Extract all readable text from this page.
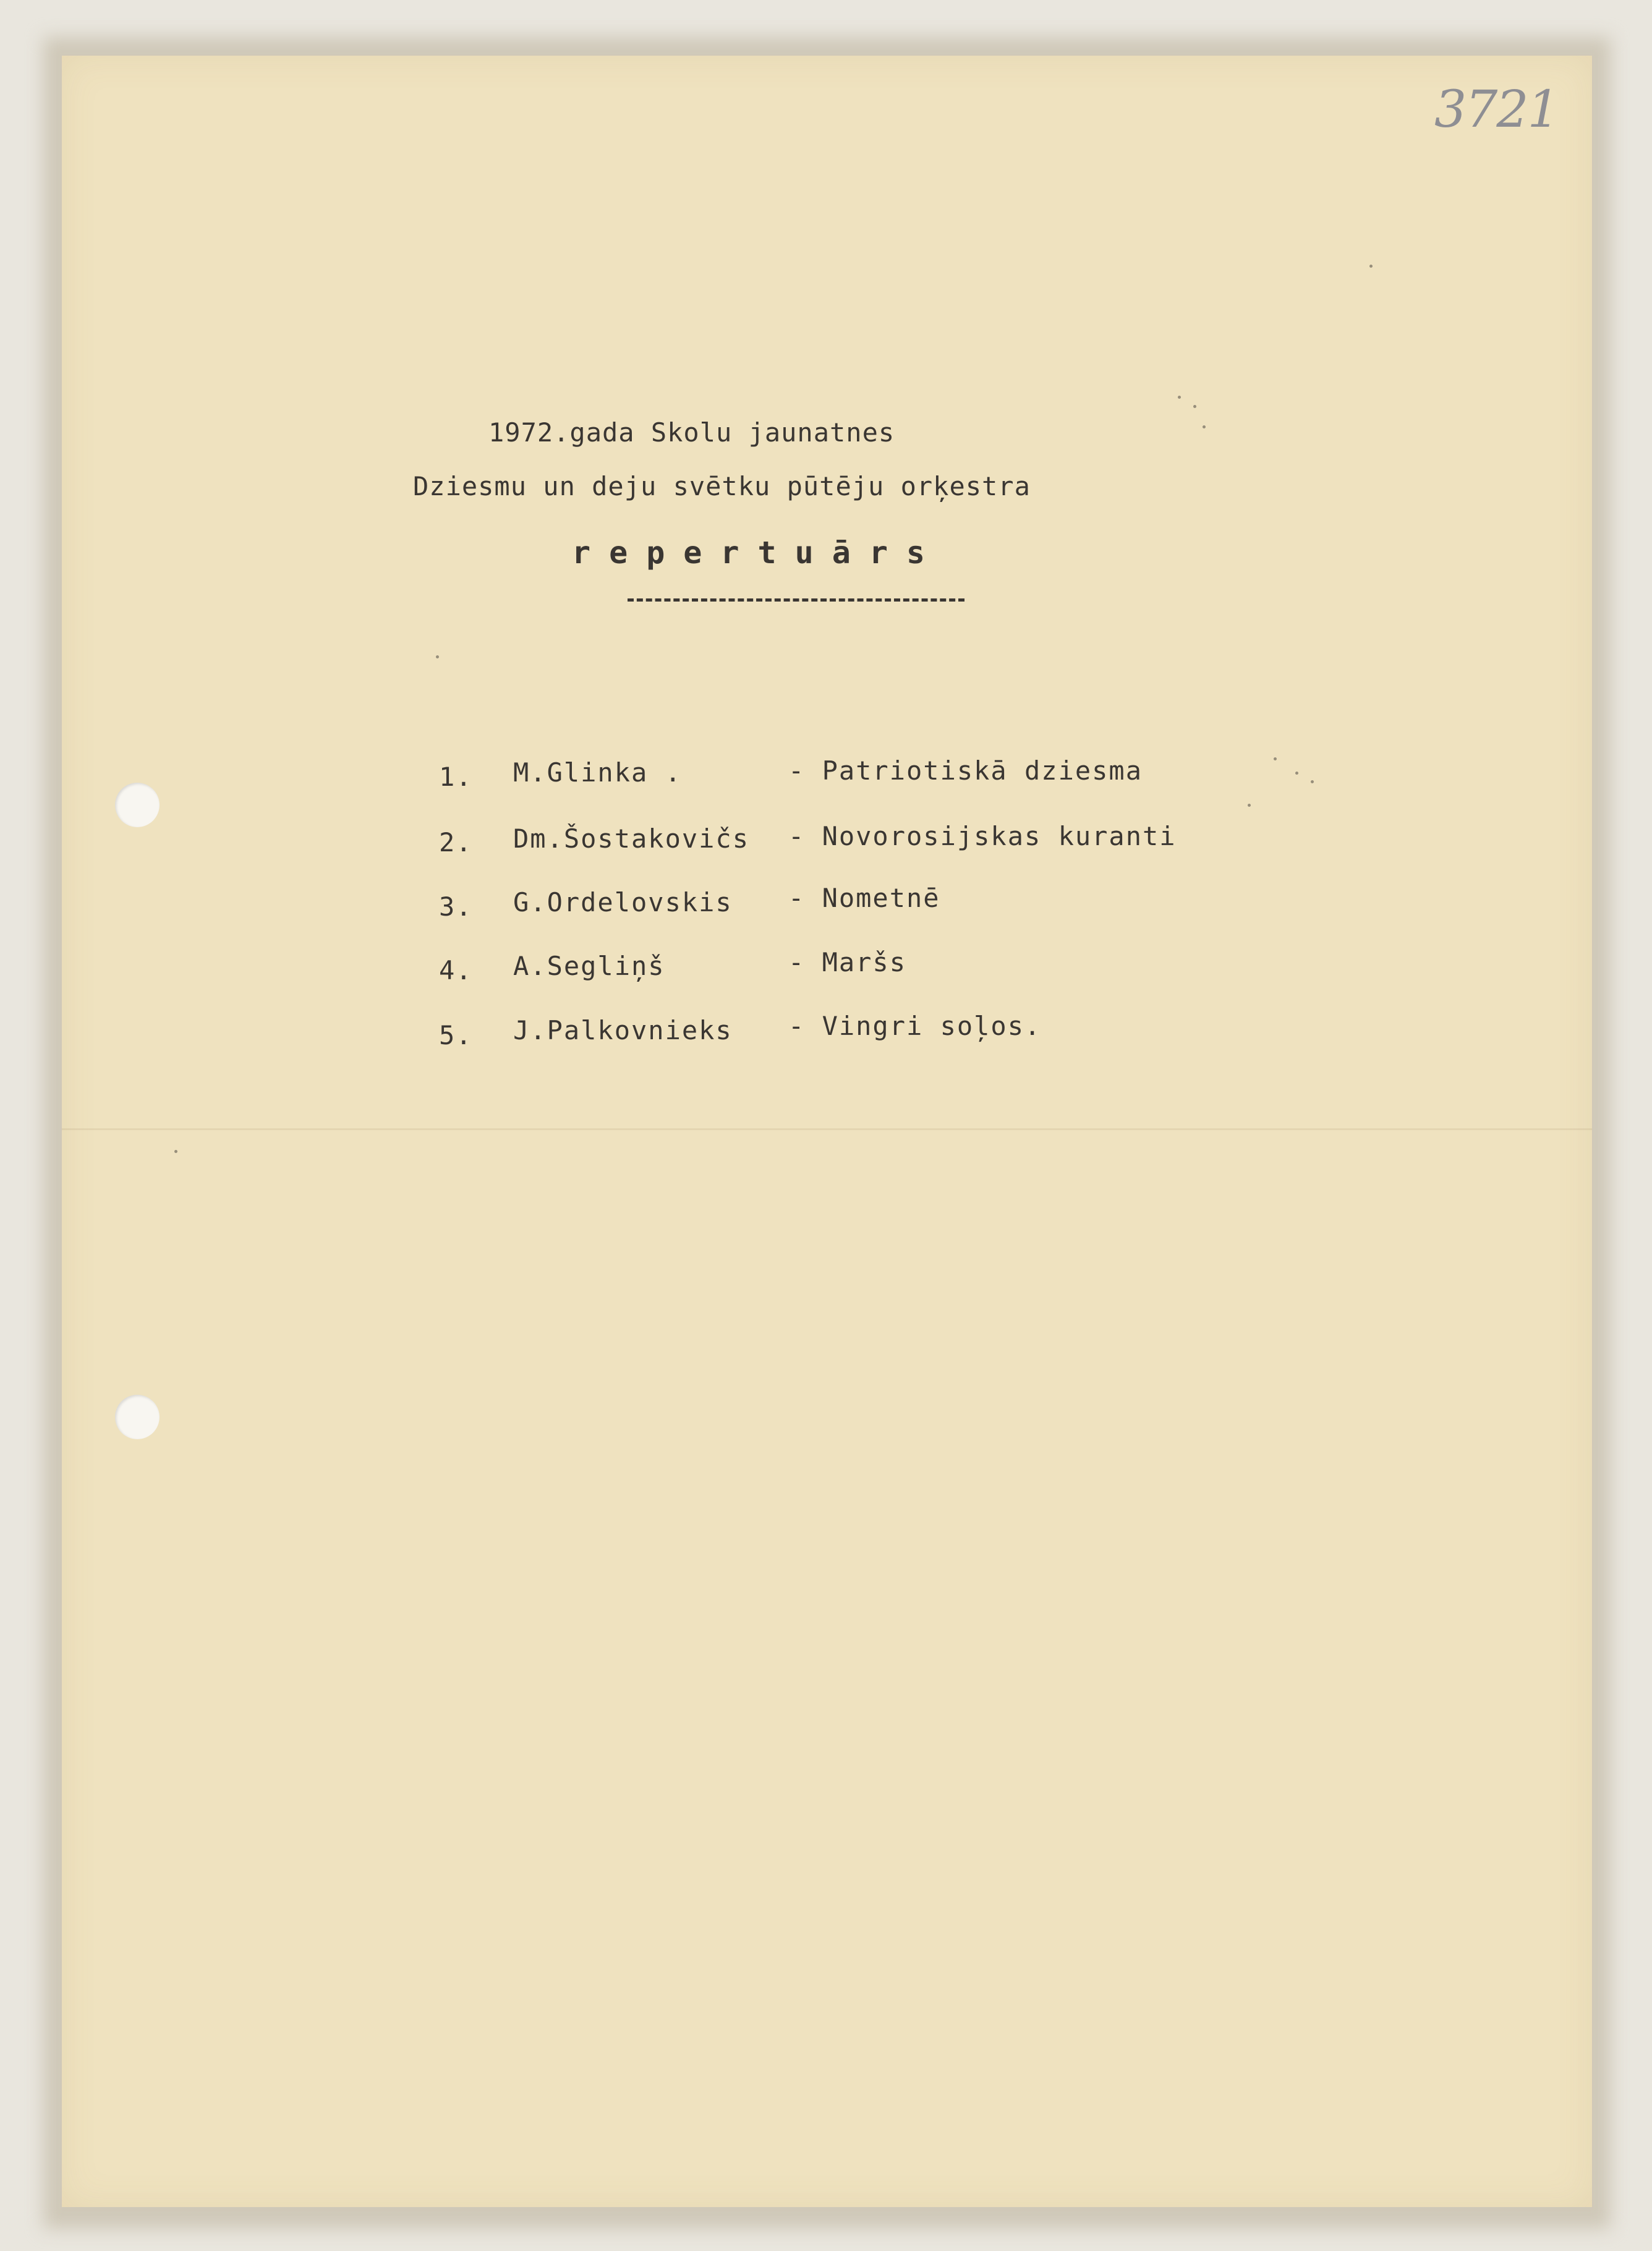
3721
1972.gada Skolu jaunatnes
Dziesmu un deju svētku pūtēju orķestra
repertuārs
1. M.Glinka .	- Patriotiskā dziesma
2. Dm.Šostakovičs - Novorosijskas kuranti
3. G.Ordelovskis - Nometnē
4. A.Segliņš	- Maršs
5. J.Palkovnieks - Vingri soļos.
